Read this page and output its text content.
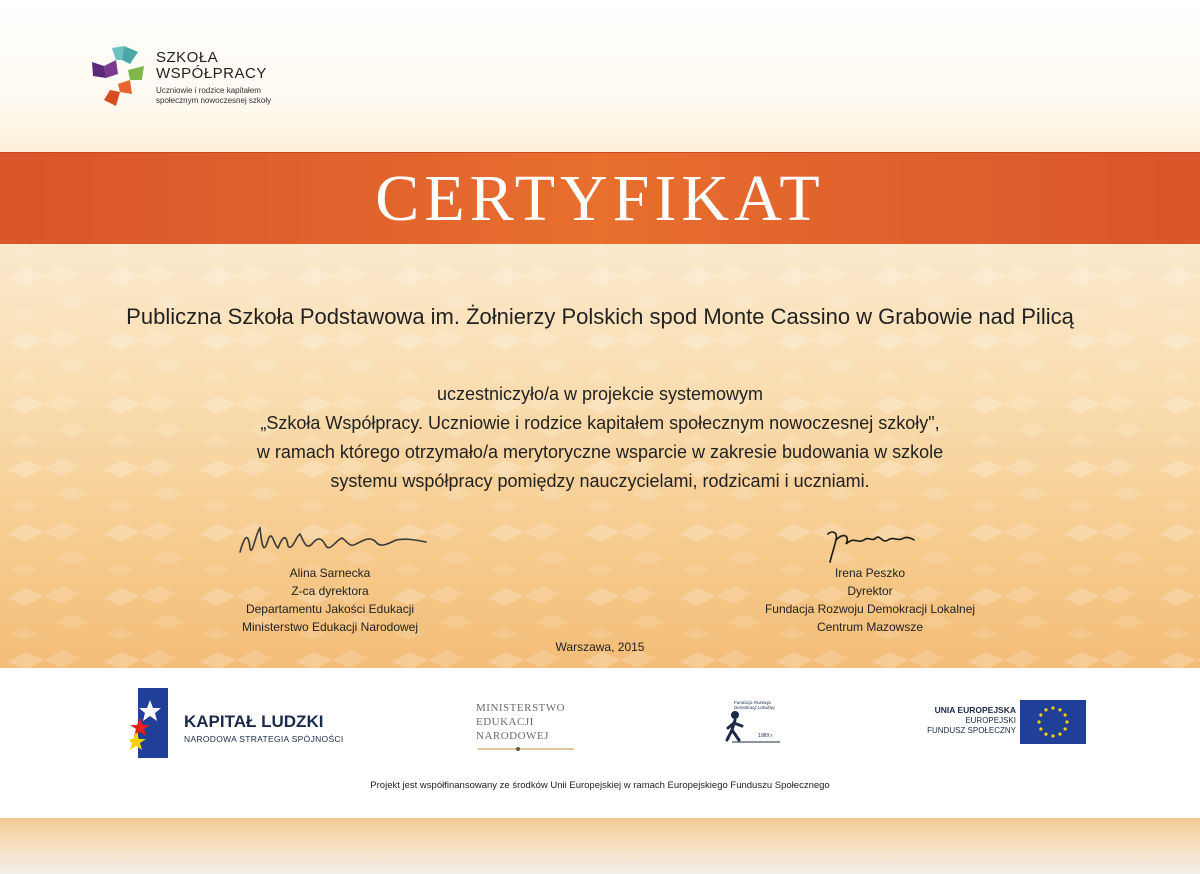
SZKOŁA
WSPÓŁPRACY
Uczniowie i rodzice kapitałem
społecznym nowoczesnej szkoły
CERTYFIKAT
Publiczna Szkoła Podstawowa im. Żołnierzy Polskich spod Monte Cassino w Grabowie nad Pilicą
uczestniczyło/a w projekcie systemowym
„Szkoła Współpracy. Uczniowie i rodzice kapitałem społecznym nowoczesnej szkoły",
w ramach którego otrzymało/a merytoryczne wsparcie w zakresie budowania w szkole
systemu współpracy pomiędzy nauczycielami, rodzicami i uczniami.
Alina Sarnecka
Z-ca dyrektora
Departamentu Jakości Edukacji
Ministerstwo Edukacji Narodowej
Irena Peszko
Dyrektor
Fundacja Rozwoju Demokracji Lokalnej
Centrum Mazowsze
Warszawa, 2015
KAPITAŁ LUDZKI
NARODOWA STRATEGIA SPÓJNOŚCI
MINISTERSTWO
EDUKACJI
NARODOWEJ
Fundacja Rozwoju Demokracji Lokalnej
1989 r.
UNIA EUROPEJSKA
EUROPEJSKI
FUNDUSZ SPOŁECZNY
Projekt jest współfinansowany ze środków Unii Europejskiej w ramach Europejskiego Funduszu Społecznego
